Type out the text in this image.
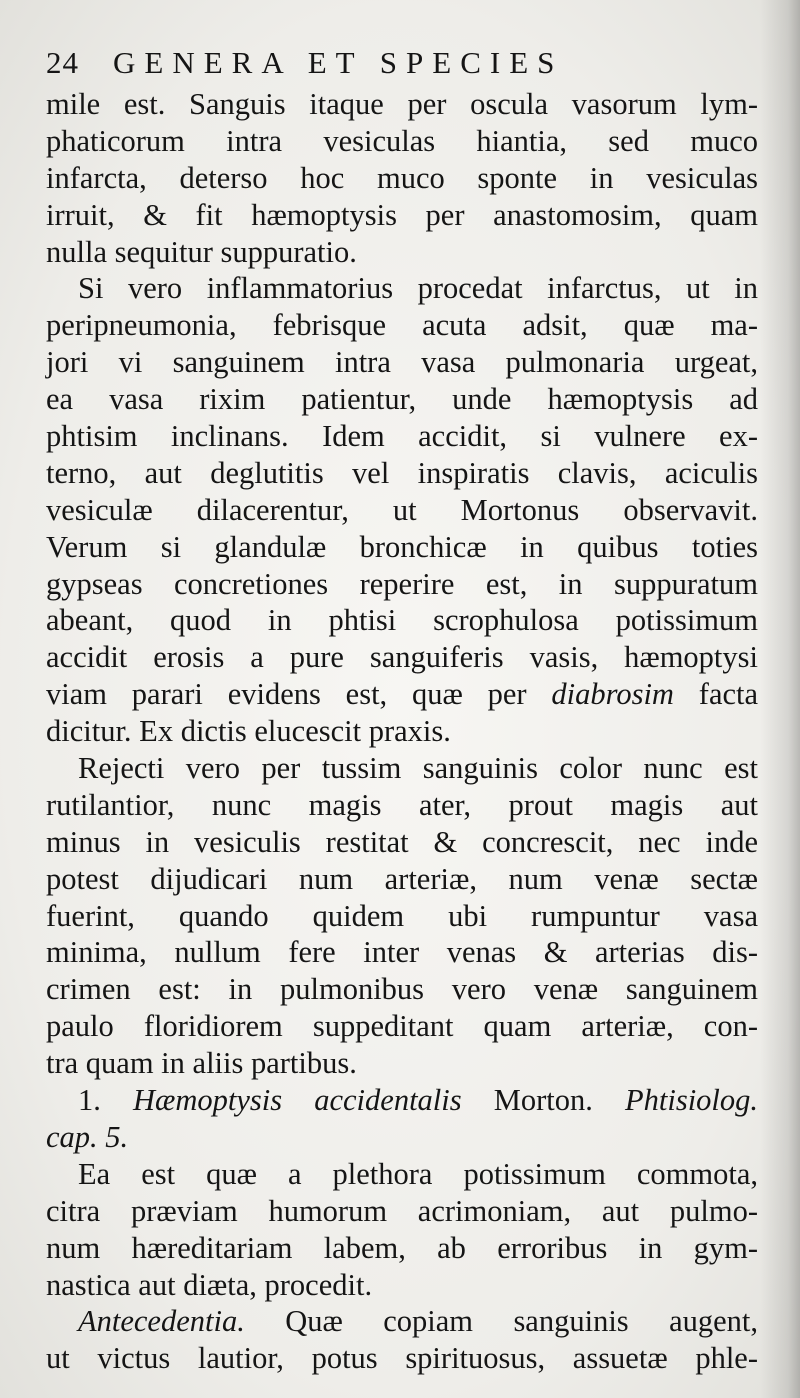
24 GENERA ET SPECIES
mile est. Sanguis itaque per oscula vasorum lym-
phaticorum intra vesiculas hiantia, sed muco
infarcta, deterso hoc muco sponte in vesiculas
irruit, & fit hæmoptysis per anastomosim, quam
nulla sequitur suppuratio.
Si vero inflammatorius procedat infarctus, ut in
peripneumonia, febrisque acuta adsit, quæ ma-
jori vi sanguinem intra vasa pulmonaria urgeat,
ea vasa rixim patientur, unde hæmoptysis ad
phtisim inclinans. Idem accidit, si vulnere ex-
terno, aut deglutitis vel inspiratis clavis, aciculis
vesiculæ dilacerentur, ut Mortonus observavit.
Verum si glandulæ bronchicæ in quibus toties
gypseas concretiones reperire est, in suppuratum
abeant, quod in phtisi scrophulosa potissimum
accidit erosis a pure sanguiferis vasis, hæmoptysi
viam parari evidens est, quæ per diabrosim facta
dicitur. Ex dictis elucescit praxis.
Rejecti vero per tussim sanguinis color nunc est
rutilantior, nunc magis ater, prout magis aut
minus in vesiculis restitat & concrescit, nec inde
potest dijudicari num arteriæ, num venæ sectæ
fuerint, quando quidem ubi rumpuntur vasa
minima, nullum fere inter venas & arterias dis-
crimen est: in pulmonibus vero venæ sanguinem
paulo floridiorem suppeditant quam arteriæ, con-
tra quam in aliis partibus.
1. Hæmoptysis accidentalis Morton. Phtisiolog.
cap. 5.
Ea est quæ a plethora potissimum commota,
citra præviam humorum acrimoniam, aut pulmo-
num hæreditariam labem, ab erroribus in gym-
nastica aut diæta, procedit.
Antecedentia. Quæ copiam sanguinis augent,
ut victus lautior, potus spirituosus, assuetæ phle-
